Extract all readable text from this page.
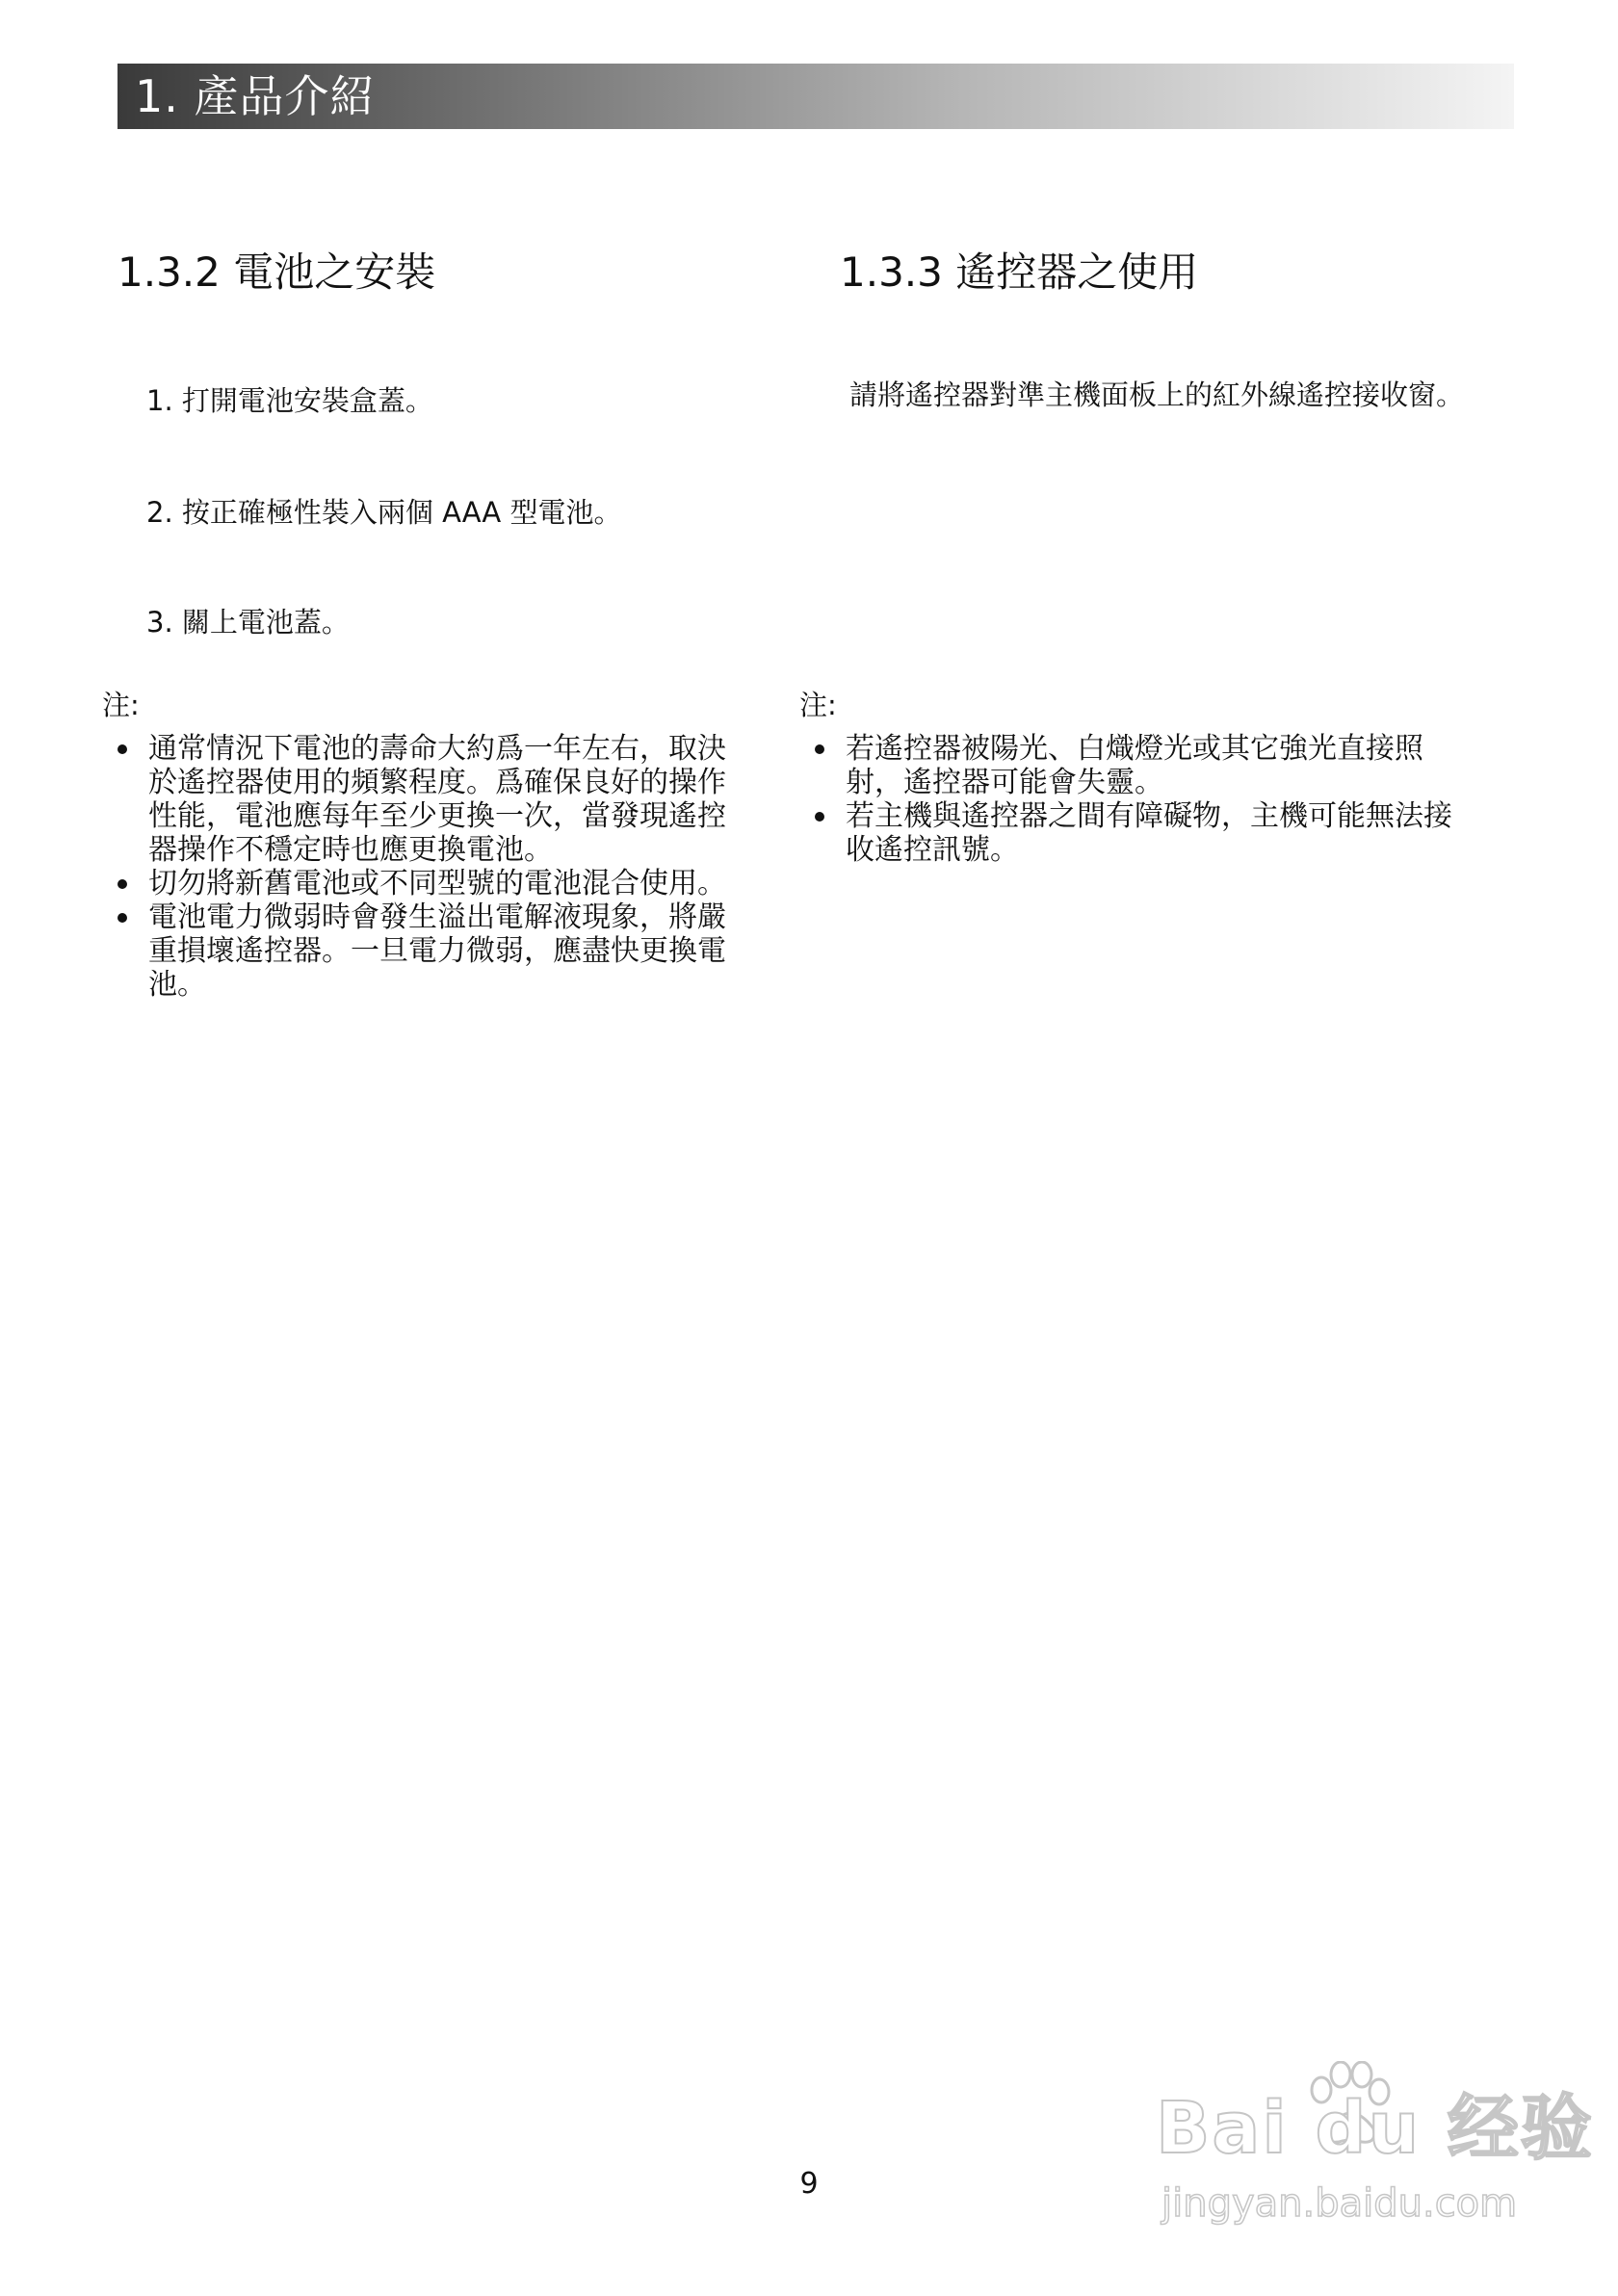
1. 產品介紹
1.3.2 電池之安裝	1.3.3 遙控器之使用
1. 打開電池安裝盒蓋。
2. 按正確極性裝入兩個 AAA 型電池。
3. 關上電池蓋。
請將遙控器對準主機面板上的紅外線遙控接收窗。
注:
通常情況下電池的壽命大約爲一年左右，取決於遙控器使用的頻繁程度。爲確保良好的操作性能，電池應每年至少更換一次，當發現遙控器操作不穩定時也應更換電池。
切勿將新舊電池或不同型號的電池混合使用。
電池電力微弱時會發生溢出電解液現象，將嚴重損壞遙控器。一旦電力微弱，應盡快更換電池。
注:
若遙控器被陽光、白熾燈光或其它強光直接照射，遙控器可能會失靈。
若主機與遙控器之間有障礙物，主機可能無法接收遙控訊號。
9
Bai du 经验
jingyan.baidu.com
